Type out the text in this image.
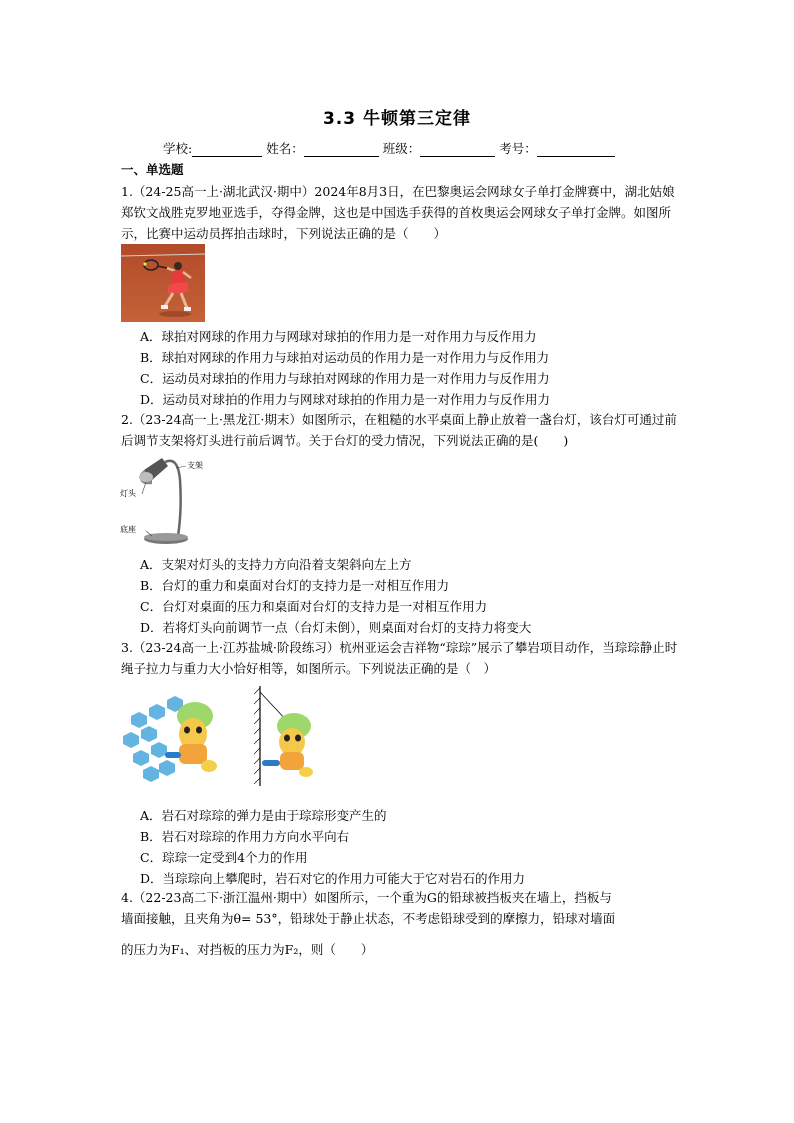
3.3 牛顿第三定律
学校:	姓名：	班级：	考号：
一、单选题
1.（24-25高一上·湖北武汉·期中）2024年8月3日，在巴黎奥运会网球女子单打金牌赛中，湖北姑娘郑钦文战胜克罗地亚选手，夺得金牌，这也是中国选手获得的首枚奥运会网球女子单打金牌。如图所示，比赛中运动员挥拍击球时，下列说法正确的是（　　）
A．球拍对网球的作用力与网球对球拍的作用力是一对作用力与反作用力
B．球拍对网球的作用力与球拍对运动员的作用力是一对作用力与反作用力
C．运动员对球拍的作用力与球拍对网球的作用力是一对作用力与反作用力
D．运动员对球拍的作用力与网球对球拍的作用力是一对作用力与反作用力
2.（23-24高一上·黑龙江·期末）如图所示，在粗糙的水平桌面上静止放着一盏台灯，该台灯可通过前后调节支架将灯头进行前后调节。关于台灯的受力情况，下列说法正确的是(　　)
支架
灯头
底座
A．支架对灯头的支持力方向沿着支架斜向左上方
B．台灯的重力和桌面对台灯的支持力是一对相互作用力
C．台灯对桌面的压力和桌面对台灯的支持力是一对相互作用力
D．若将灯头向前调节一点（台灯未倒），则桌面对台灯的支持力将变大
3.（23-24高一上·江苏盐城·阶段练习）杭州亚运会吉祥物“琮琮”展示了攀岩项目动作，当琮琮静止时绳子拉力与重力大小恰好相等，如图所示。下列说法正确的是（　）
A．岩石对琮琮的弹力是由于琮琮形变产生的
B．岩石对琮琮的作用力方向水平向右
C．琮琮一定受到4个力的作用
D．当琮琮向上攀爬时，岩石对它的作用力可能大于它对岩石的作用力
4.（22-23高二下·浙江温州·期中）如图所示，一个重为G的铅球被挡板夹在墙上，挡板与
墙面接触，且夹角为θ= 53°，铅球处于静止状态，不考虑铅球受到的摩擦力，铅球对墙面
的压力为F₁、对挡板的压力为F₂，则（　　）
